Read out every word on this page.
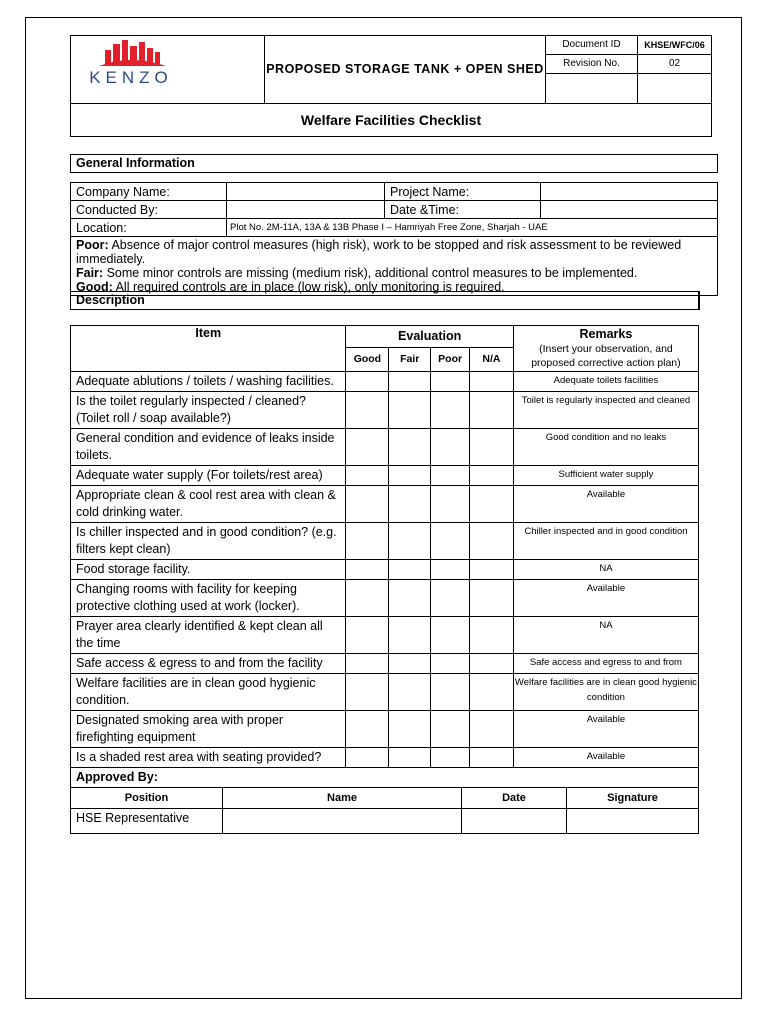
KENZO	PROPOSED STORAGE TANK + OPEN SHED	Document ID	KHSE/WFC/06
		Revision No.	02

Welfare Facilities Checklist			
General Information
Company Name:		Project Name:	
Conducted By:		Date &Time:	
Location:	Plot No. 2M-11A, 13A & 13B Phase I – Hamriyah Free Zone, Sharjah - UAE		

Poor: Absence of major control measures (high risk), work to be stopped and risk assessment to be reviewed immediately.
Fair: Some minor controls are missing (medium risk), additional control measures to be implemented.
Good: All required controls are in place (low risk), only monitoring is required.			
Description
Item	Evaluation				Remarks
(Insert your observation, and proposed corrective action plan)

	Good	Fair	Poor	N/A	
Adequate ablutions / toilets / washing facilities.					Adequate toilets facilities
Is the toilet regularly inspected / cleaned? (Toilet roll / soap available?)					Toilet is regularly inspected and cleaned
General condition and evidence of leaks inside toilets.					Good condition and no leaks
Adequate water supply (For toilets/rest area)					Sufficient water supply
Appropriate clean & cool rest area with clean & cold drinking water.					Available
Is chiller inspected and in good condition? (e.g. filters kept clean)					Chiller inspected and in good condition
Food storage facility.					NA
Changing rooms with facility for keeping protective clothing used at work (locker).					Available
Prayer area clearly identified & kept clean all the time					NA
Safe access & egress to and from the facility					Safe access and egress to and from
Welfare facilities are in clean good hygienic condition.					Welfare facilities are in clean good hygienic condition
Designated smoking area with proper firefighting equipment					Available
Is a shaded rest area with seating provided?					Available
Approved By:					
Position	Name	Date	Signature
HSE Representative			
